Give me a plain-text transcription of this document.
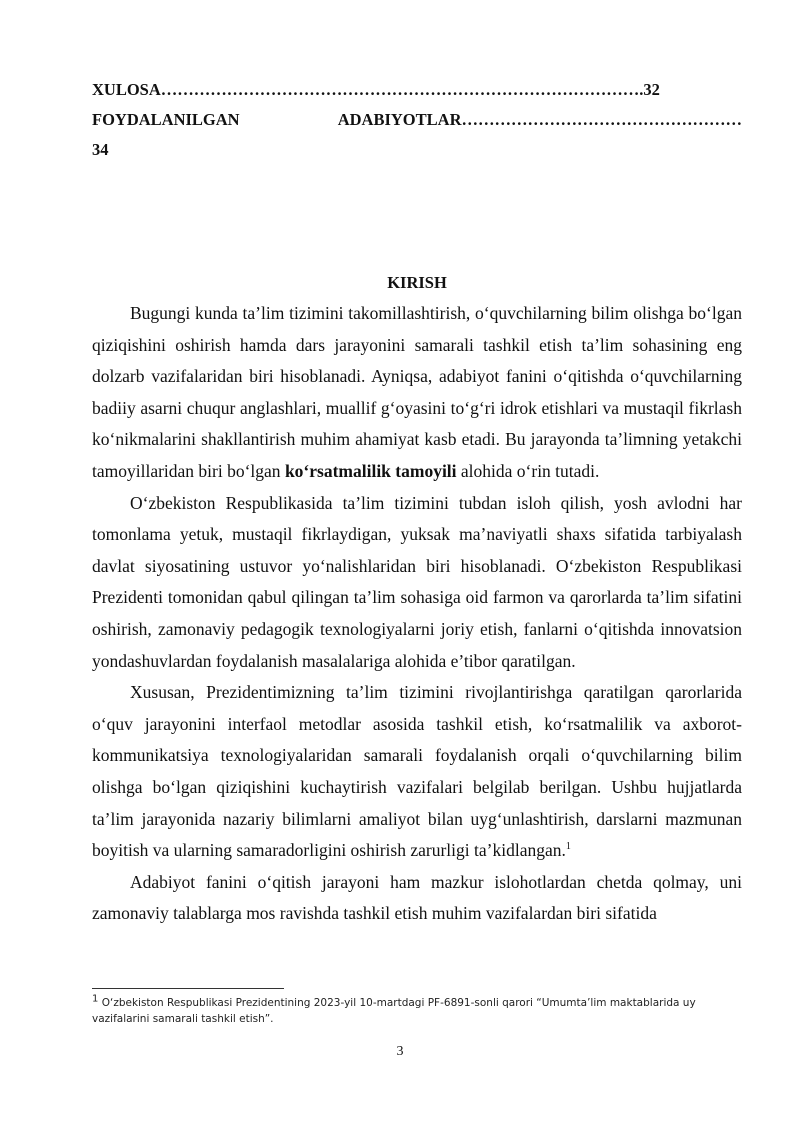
XULOSA…………………………………………………………………………….32
FOYDALANILGAN	ADABIYOTLAR……………………………………………
34
KIRISH

Bugungi kunda ta’lim tizimini takomillashtirish, o‘quvchilarning bilim olishga bo‘lgan qiziqishini oshirish hamda dars jarayonini samarali tashkil etish ta’lim sohasining eng dolzarb vazifalaridan biri hisoblanadi. Ayniqsa, adabiyot fanini o‘qitishda o‘quvchilarning badiiy asarni chuqur anglashlari, muallif g‘oyasini to‘g‘ri idrok etishlari va mustaqil fikrlash ko‘nikmalarini shakllantirish muhim ahamiyat kasb etadi. Bu jarayonda ta’limning yetakchi tamoyillaridan biri bo‘lgan ko‘rsatmalilik tamoyili alohida o‘rin tutadi.

O‘zbekiston Respublikasida ta’lim tizimini tubdan isloh qilish, yosh avlodni har tomonlama yetuk, mustaqil fikrlaydigan, yuksak ma’naviyatli shaxs sifatida tarbiyalash davlat siyosatining ustuvor yo‘nalishlaridan biri hisoblanadi. O‘zbekiston Respublikasi Prezidenti tomonidan qabul qilingan ta’lim sohasiga oid farmon va qarorlarda ta’lim sifatini oshirish, zamonaviy pedagogik texnologiyalarni joriy etish, fanlarni o‘qitishda innovatsion yondashuvlardan foydalanish masalalariga alohida e’tibor qaratilgan.

Xususan, Prezidentimizning ta’lim tizimini rivojlantirishga qaratilgan qarorlarida o‘quv jarayonini interfaol metodlar asosida tashkil etish, ko‘rsatmalilik va axborot-kommunikatsiya texnologiyalaridan samarali foydalanish orqali o‘quvchilarning bilim olishga bo‘lgan qiziqishini kuchaytirish vazifalari belgilab berilgan. Ushbu hujjatlarda ta’lim jarayonida nazariy bilimlarni amaliyot bilan uyg‘unlashtirish, darslarni mazmunan boyitish va ularning samaradorligini oshirish zarurligi ta’kidlangan.$^1$

Adabiyot fanini o‘qitish jarayoni ham mazkur islohotlardan chetda qolmay, uni zamonaviy talablarga mos ravishda tashkil etish muhim vazifalardan biri sifatida

$^1$ O‘zbekiston Respublikasi Prezidentining 2023-yil 10-martdagi PF-6891-sonli qarori “Umumta’lim maktablarida uy vazifalarini samarali tashkil etish”.
3
